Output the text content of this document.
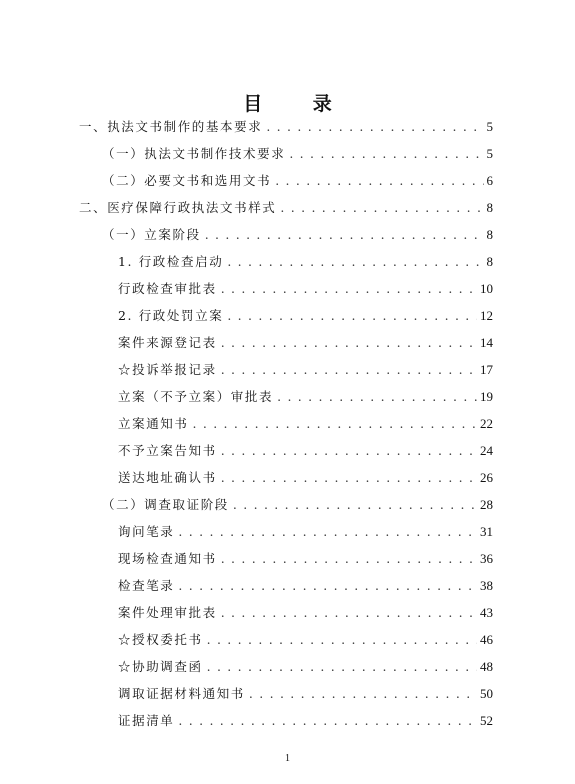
目 录
一、执法文书制作的基本要求 . . .	5
（一）执法文书制作技术要求 . . .	5
（二）必要文书和选用文书 . . .	6
二、医疗保障行政执法文书样式 . . .	8
（一）立案阶段 . . .	8
1. 行政检查启动 . . .	8
行政检查审批表 . . .	10
2. 行政处罚立案 . . .	12
案件来源登记表 . . .	14
☆投诉举报记录 . . .	17
立案（不予立案）审批表 . . .	19
立案通知书 . . .	22
不予立案告知书 . . .	24
送达地址确认书 . . .	26
（二）调查取证阶段 . . .	28
询问笔录 . . .	31
现场检查通知书 . . .	36
检查笔录 . . .	38
案件处理审批表 . . .	43
☆授权委托书 . . .	46
☆协助调查函 . . .	48
调取证据材料通知书 . . .	50
证据清单 . . .	52
1
